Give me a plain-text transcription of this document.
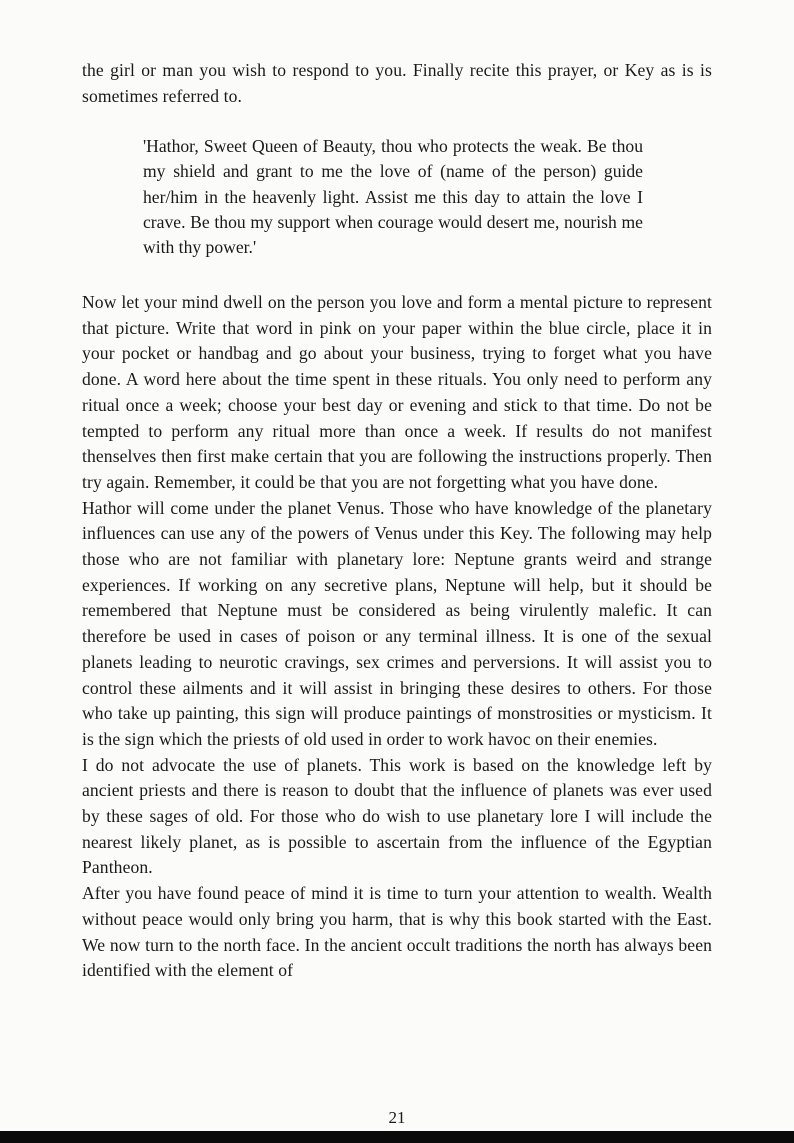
the girl or man you wish to respond to you. Finally recite this prayer, or Key as is is sometimes referred to.
'Hathor, Sweet Queen of Beauty, thou who protects the weak. Be thou my shield and grant to me the love of (name of the person) guide her/him in the heavenly light. Assist me this day to attain the love I crave. Be thou my support when courage would desert me, nourish me with thy power.'

Now let your mind dwell on the person you love and form a mental picture to represent that picture. Write that word in pink on your paper within the blue circle, place it in your pocket or handbag and go about your business, trying to forget what you have done. A word here about the time spent in these rituals. You only need to perform any ritual once a week; choose your best day or evening and stick to that time. Do not be tempted to perform any ritual more than once a week. If results do not manifest thenselves then first make certain that you are following the instructions properly. Then try again. Remember, it could be that you are not forgetting what you have done.

Hathor will come under the planet Venus. Those who have knowledge of the planetary influences can use any of the powers of Venus under this Key. The following may help those who are not familiar with planetary lore: Neptune grants weird and strange experiences. If working on any secretive plans, Neptune will help, but it should be remembered that Neptune must be considered as being virulently malefic. It can therefore be used in cases of poison or any terminal illness. It is one of the sexual planets leading to neurotic cravings, sex crimes and perversions. It will assist you to control these ailments and it will assist in bringing these desires to others. For those who take up painting, this sign will produce paintings of monstrosities or mysticism. It is the sign which the priests of old used in order to work havoc on their enemies.

I do not advocate the use of planets. This work is based on the knowledge left by ancient priests and there is reason to doubt that the influence of planets was ever used by these sages of old. For those who do wish to use planetary lore I will include the nearest likely planet, as is possible to ascertain from the influence of the Egyptian Pantheon.

After you have found peace of mind it is time to turn your attention to wealth. Wealth without peace would only bring you harm, that is why this book started with the East. We now turn to the north face. In the ancient occult traditions the north has always been identified with the element of

21
